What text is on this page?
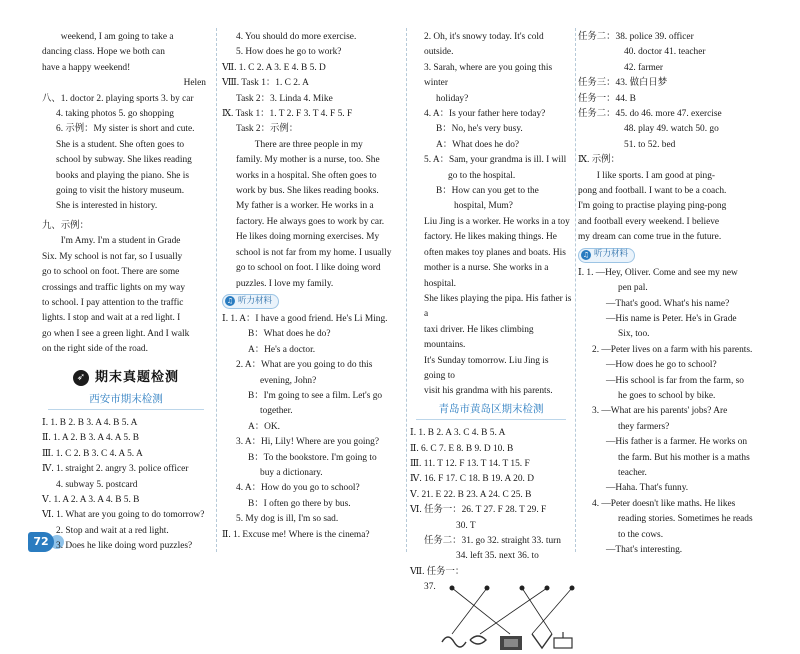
weekend, I am going to take a

dancing class. Hope we both can

have a happy weekend!

Helen

八、1. doctor 2. playing sports 3. by car

4. taking photos 5. go shopping

6. 示例：My sister is short and cute.

She is a student. She often goes to

school by subway. She likes reading

books and playing the piano. She is

going to visit the history museum.

She is interested in history.

九、示例：

I'm Amy. I'm a student in Grade

Six. My school is not far, so I usually

go to school on foot. There are some

crossings and traffic lights on my way

to school. I pay attention to the traffic

lights. I stop and wait at a red light. I

go when I see a green light. And I walk

on the right side of the road.

➶ 期末真题检测
西安市期末检测

Ⅰ. 1. B 2. B 3. A 4. B 5. A

Ⅱ. 1. A 2. B 3. A 4. A 5. B

Ⅲ. 1. C 2. B 3. C 4. A 5. A

Ⅳ. 1. straight 2. angry 3. police officer

4. subway 5. postcard

Ⅴ. 1. A 2. A 3. A 4. B 5. B

Ⅵ. 1. What are you going to do tomorrow?

2. Stop and wait at a red light.

3. Does he like doing word puzzles?

4. You should do more exercise.

5. How does he go to work?

Ⅶ. 1. C 2. A 3. E 4. B 5. D

Ⅷ. Task 1：1. C 2. A

Task 2：3. Linda 4. Mike

Ⅸ. Task 1：1. T 2. F 3. T 4. F 5. F

Task 2：示例：

There are three people in my

family. My mother is a nurse, too. She

works in a hospital. She often goes to

work by bus. She likes reading books.

My father is a worker. He works in a

factory. He always goes to work by car.

He likes doing morning exercises. My

school is not far from my home. I usually

go to school on foot. I like doing word

puzzles. I love my family.

♫ 听力材料

Ⅰ. 1. A：I have a good friend. He's Li Ming.

B：What does he do?

A：He's a doctor.

2. A：What are you going to do this

evening, John?

B：I'm going to see a film. Let's go

together.

A：OK.

3. A：Hi, Lily! Where are you going?

B：To the bookstore. I'm going to

buy a dictionary.

4. A：How do you go to school?

B：I often go there by bus.

5. My dog is ill, I'm so sad.

Ⅱ. 1. Excuse me! Where is the cinema?

2. Oh, it's snowy today. It's cold outside.

3. Sarah, where are you going this winter

holiday?

4. A：Is your father here today?

B：No, he's very busy.

A：What does he do?

5. A：Sam, your grandma is ill. I will

go to the hospital.

B：How can you get to the

hospital, Mum?

Liu Jing is a worker. He works in a toy

factory. He likes making things. He

often makes toy planes and boats. His

mother is a nurse. She works in a hospital.

She likes playing the pipa. His father is a

taxi driver. He likes climbing mountains.

It's Sunday tomorrow. Liu Jing is going to

visit his grandma with his parents.

青岛市黄岛区期末检测

Ⅰ. 1. B 2. A 3. C 4. B 5. A

Ⅱ. 6. C 7. E 8. B 9. D 10. B

Ⅲ. 11. T 12. F 13. T 14. T 15. F

Ⅳ. 16. F 17. C 18. B 19. A 20. D

Ⅴ. 21. E 22. B 23. A 24. C 25. B

Ⅵ. 任务一：26. T 27. F 28. T 29. F

30. T

任务二：31. go 32. straight 33. turn

34. left 35. next 36. to

Ⅶ. 任务一：

37.

任务二：38. police 39. officer

40. doctor 41. teacher

42. farmer

任务三：43. 做白日梦

任务一：44. B

任务二：45. do 46. more 47. exercise

48. play 49. watch 50. go

51. to 52. bed

Ⅸ. 示例：

I like sports. I am good at ping-

pong and football. I want to be a coach.

I'm going to practise playing ping-pong

and football every weekend. I believe

my dream can come true in the future.

♫ 听力材料

Ⅰ. 1. —Hey, Oliver. Come and see my new

pen pal.

—That's good. What's his name?

—His name is Peter. He's in Grade

Six, too.

2. —Peter lives on a farm with his parents.

—How does he go to school?

—His school is far from the farm, so

he goes to school by bike.

3. —What are his parents' jobs? Are

they farmers?

—His father is a farmer. He works on

the farm. But his mother is a maths

teacher.

—Haha. That's funny.

4. —Peter doesn't like maths. He likes

reading stories. Sometimes he reads

to the cows.

—That's interesting.

72
